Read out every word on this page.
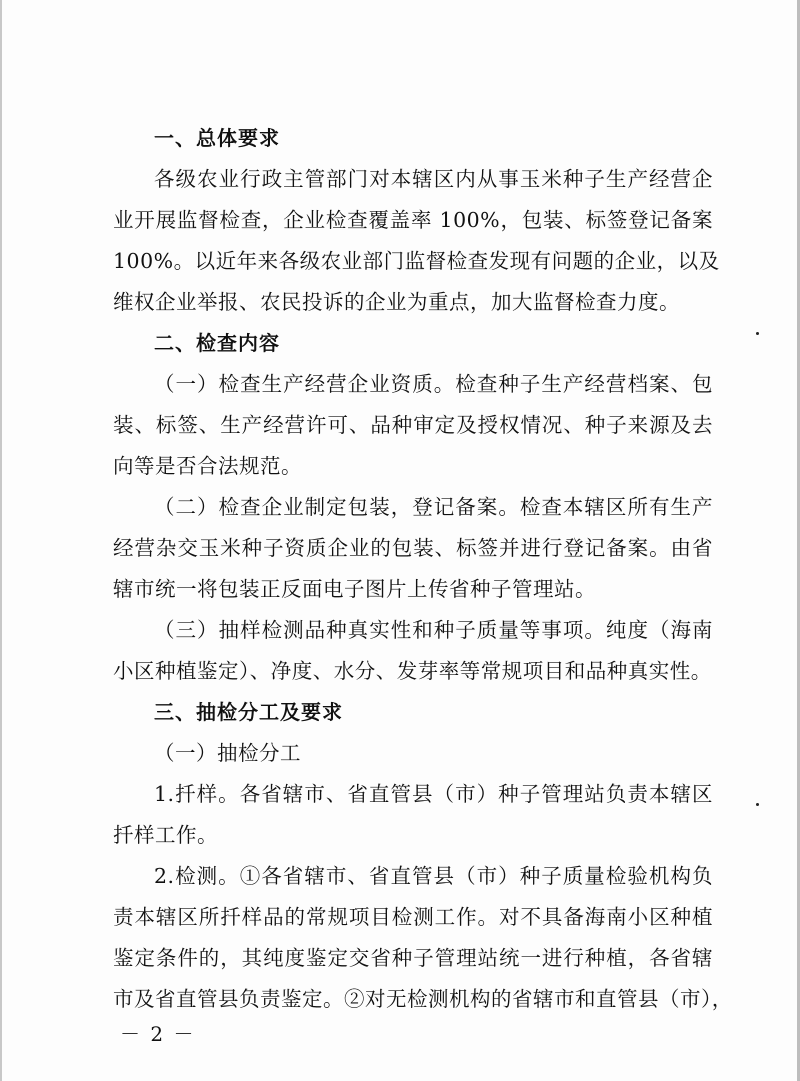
一、总体要求
各级农业行政主管部门对本辖区内从事玉米种子生产经营企
业开展监督检查，企业检查覆盖率 100%，包装、标签登记备案
100%。以近年来各级农业部门监督检查发现有问题的企业，以及
维权企业举报、农民投诉的企业为重点，加大监督检查力度。
二、检查内容
（一）检查生产经营企业资质。检查种子生产经营档案、包
装、标签、生产经营许可、品种审定及授权情况、种子来源及去
向等是否合法规范。
（二）检查企业制定包装，登记备案。检查本辖区所有生产
经营杂交玉米种子资质企业的包装、标签并进行登记备案。由省
辖市统一将包装正反面电子图片上传省种子管理站。
（三）抽样检测品种真实性和种子质量等事项。纯度（海南
小区种植鉴定）、净度、水分、发芽率等常规项目和品种真实性。
三、抽检分工及要求
（一）抽检分工
1.扦样。各省辖市、省直管县（市）种子管理站负责本辖区
扦样工作。
2.检测。①各省辖市、省直管县（市）种子质量检验机构负
责本辖区所扦样品的常规项目检测工作。对不具备海南小区种植
鉴定条件的，其纯度鉴定交省种子管理站统一进行种植，各省辖
市及省直管县负责鉴定。②对无检测机构的省辖市和直管县（市），
－ 2 －
